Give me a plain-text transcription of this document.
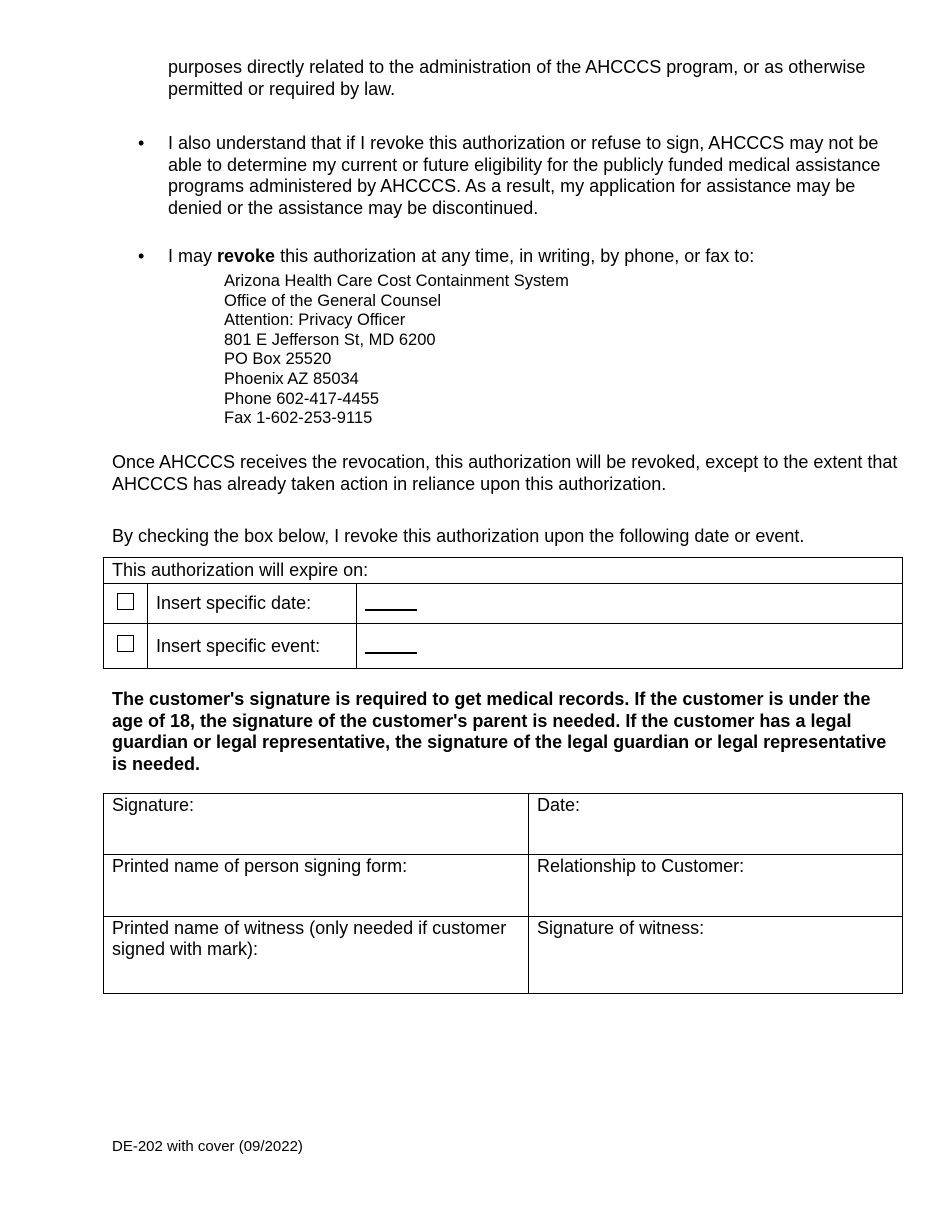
purposes directly related to the administration of the AHCCCS program, or as otherwise permitted or required by law.
• I also understand that if I revoke this authorization or refuse to sign, AHCCCS may not be able to determine my current or future eligibility for the publicly funded medical assistance programs administered by AHCCCS. As a result, my application for assistance may be denied or the assistance may be discontinued.
• I may revoke this authorization at any time, in writing, by phone, or fax to:
Arizona Health Care Cost Containment System
Office of the General Counsel
Attention: Privacy Officer
801 E Jefferson St, MD 6200
PO Box 25520
Phoenix AZ 85034
Phone 602-417-4455
Fax 1-602-253-9115
Once AHCCCS receives the revocation, this authorization will be revoked, except to the extent that AHCCCS has already taken action in reliance upon this authorization.
By checking the box below, I revoke this authorization upon the following date or event.
This authorization will expire on:		

	Insert specific date:	

	Insert specific event:	

The customer's signature is required to get medical records. If the customer is under the age of 18, the signature of the customer's parent is needed. If the customer has a legal guardian or legal representative, the signature of the legal guardian or legal representative is needed.
Signature:	Date:

Printed name of person signing form:	Relationship to Customer:

Printed name of witness (only needed if customer signed with mark):	Signature of witness:
DE-202 with cover (09/2022)
